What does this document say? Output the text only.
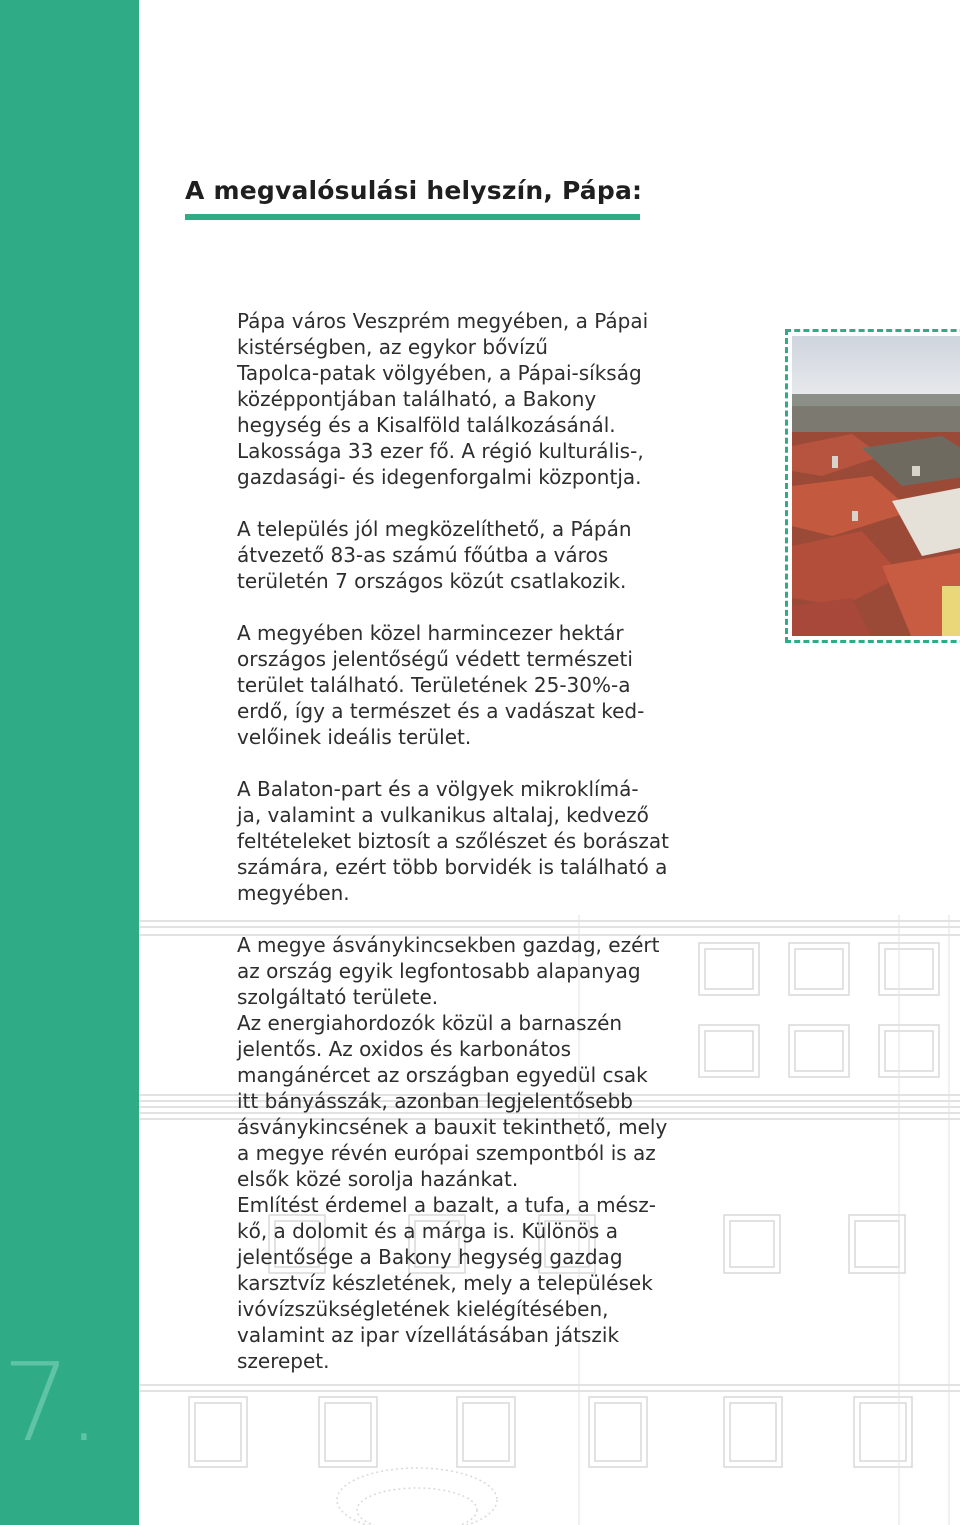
7.
A megvalósulási helyszín, Pápa:

Pápa város Veszprém megyében, a Pápai
kistérségben, az egykor bővízű
Tapolca-patak völgyében, a Pápai-síkság
középpontjában található, a Bakony
hegység és a Kisalföld találkozásánál.
Lakossága 33 ezer fő. A régió kulturális-,
gazdasági- és idegenforgalmi központja.

A település jól megközelíthető, a Pápán
átvezető 83-as számú főútba a város
területén 7 országos közút csatlakozik.

A megyében közel harmincezer hektár
országos jelentőségű védett természeti
terület található. Területének 25-30%-a
erdő, így a természet és a vadászat ked-
velőinek ideális terület.

A Balaton-part és a völgyek mikroklímá-
ja, valamint a vulkanikus altalaj, kedvező
feltételeket biztosít a szőlészet és borászat
számára, ezért több borvidék is található a
megyében.

A megye ásványkincsekben gazdag, ezért
az ország egyik legfontosabb alapanyag
szolgáltató területe.

Az energiahordozók közül a barnaszén
jelentős. Az oxidos és karbonátos
mangánércet az országban egyedül csak
itt bányásszák, azonban legjelentősebb
ásványkincsének a bauxit tekinthető, mely
a megye révén európai szempontból is az
elsők közé sorolja hazánkat.

Említést érdemel a bazalt, a tufa, a mész-
kő, a dolomit és a márga is. Különös a
jelentősége a Bakony hegység gazdag
karsztvíz készletének, mely a települések
ivóvízszükségletének kielégítésében,
valamint az ipar vízellátásában játszik
szerepet.
